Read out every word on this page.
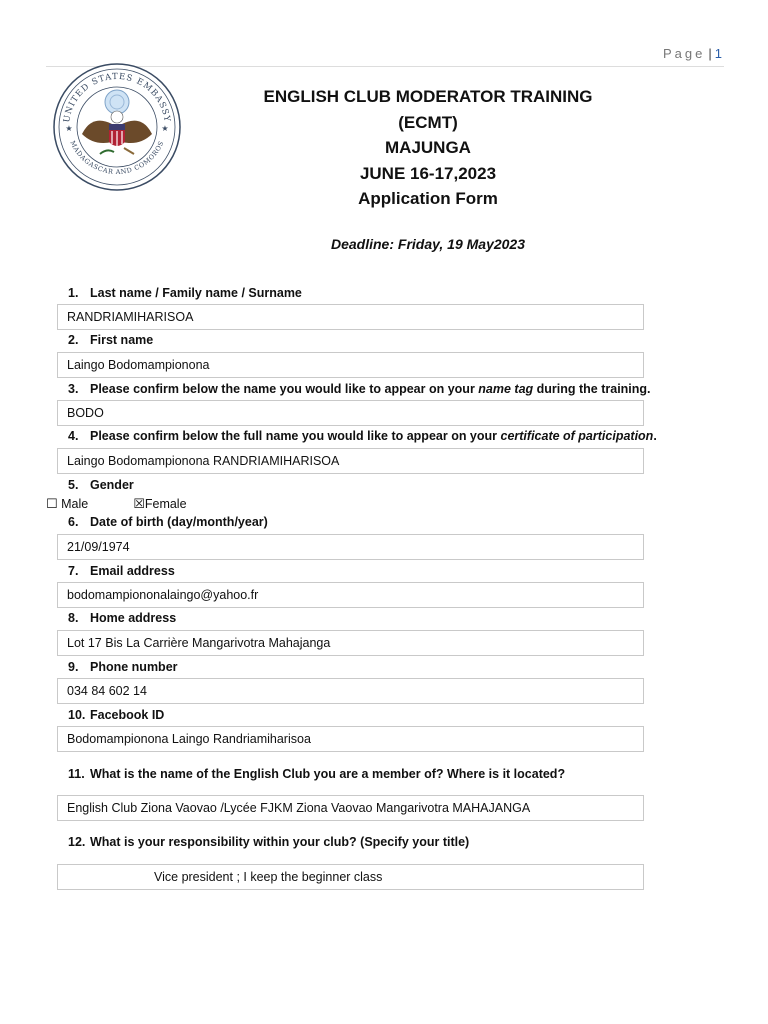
Page | 1
UNITED STATES EMBASSY
MADAGASCAR AND COMOROS
★	★
ENGLISH CLUB MODERATOR TRAINING
(ECMT)
MAJUNGA
JUNE 16-17,2023
Application Form
Deadline: Friday, 19 May2023
1. Last name / Family name / Surname
RANDRIAMIHARISOA
2. First name
Laingo Bodomampionona
3. Please confirm below the name you would like to appear on your name tag during the training.
BODO
4. Please confirm below the full name you would like to appear on your certificate of participation.
Laingo Bodomampionona RANDRIAMIHARISOA
5. Gender
☐ Male	☒Female
6. Date of birth (day/month/year)
21/09/1974
7. Email address
bodomampiononalaingo@yahoo.fr
8. Home address
Lot 17 Bis La Carrière Mangarivotra Mahajanga
9. Phone number
034 84 602 14
10. Facebook ID
Bodomampionona Laingo Randriamiharisoa
11. What is the name of the English Club you are a member of? Where is it located?
English Club Ziona Vaovao /Lycée FJKM Ziona Vaovao Mangarivotra MAHAJANGA
12. What is your responsibility within your club? (Specify your title)
Vice president ; I keep the beginner class
